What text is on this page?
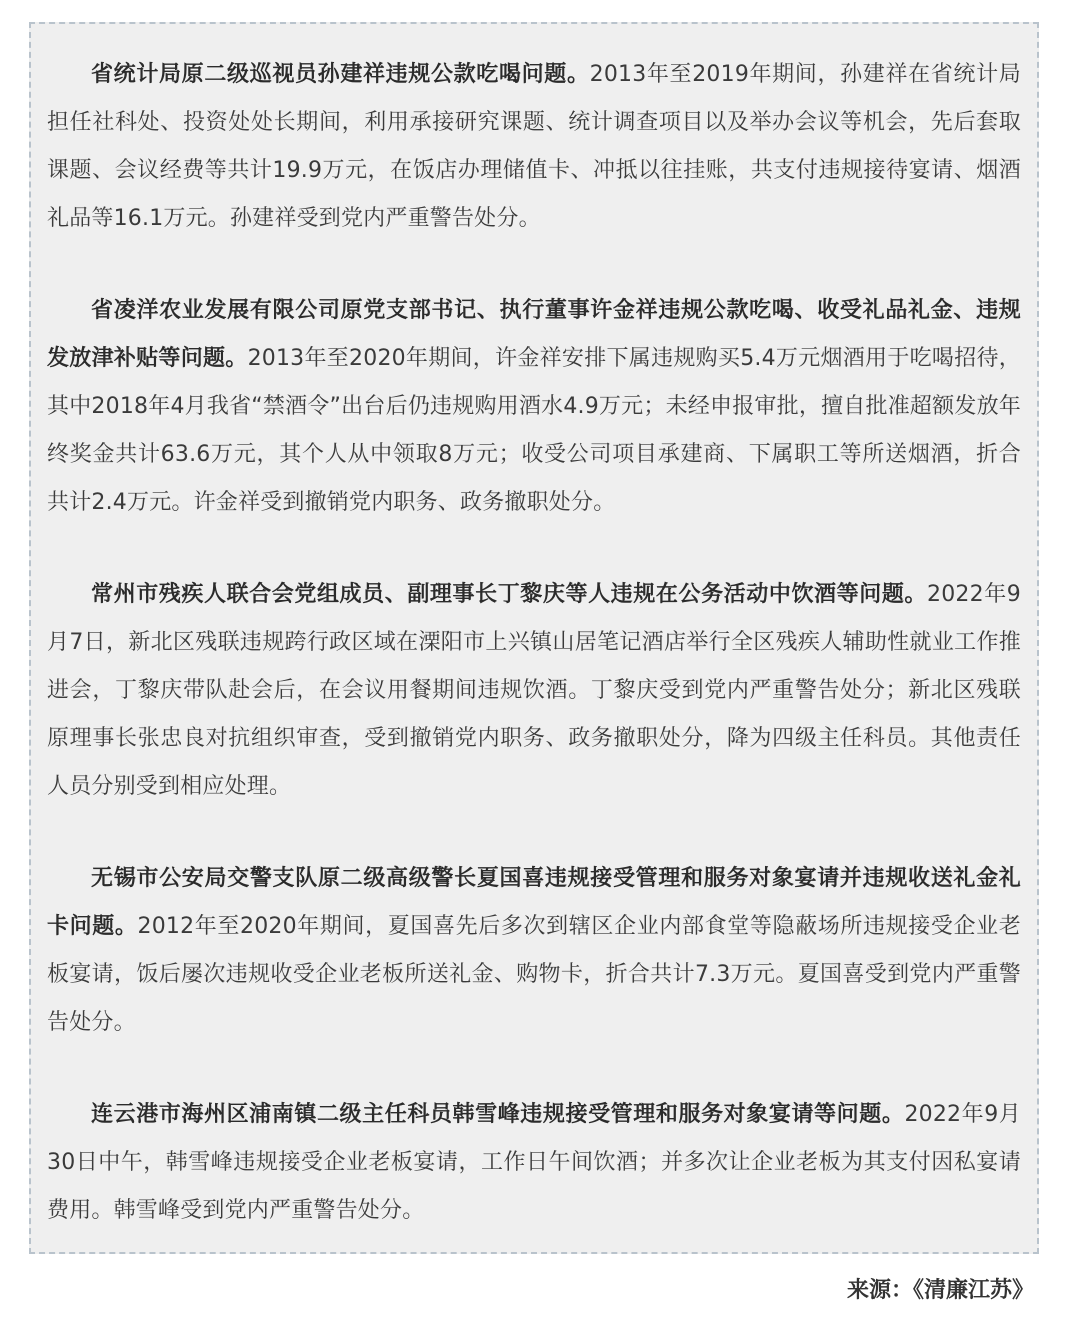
省统计局原二级巡视员孙建祥违规公款吃喝问题。2013年至2019年期间，孙建祥在省统计局担任社科处、投资处处长期间，利用承接研究课题、统计调查项目以及举办会议等机会，先后套取课题、会议经费等共计19.9万元，在饭店办理储值卡、冲抵以往挂账，共支付违规接待宴请、烟酒礼品等16.1万元。孙建祥受到党内严重警告处分。

省凌洋农业发展有限公司原党支部书记、执行董事许金祥违规公款吃喝、收受礼品礼金、违规发放津补贴等问题。2013年至2020年期间，许金祥安排下属违规购买5.4万元烟酒用于吃喝招待，其中2018年4月我省“禁酒令”出台后仍违规购用酒水4.9万元；未经申报审批，擅自批准超额发放年终奖金共计63.6万元，其个人从中领取8万元；收受公司项目承建商、下属职工等所送烟酒，折合共计2.4万元。许金祥受到撤销党内职务、政务撤职处分。

常州市残疾人联合会党组成员、副理事长丁黎庆等人违规在公务活动中饮酒等问题。2022年9月7日，新北区残联违规跨行政区域在溧阳市上兴镇山居笔记酒店举行全区残疾人辅助性就业工作推进会，丁黎庆带队赴会后，在会议用餐期间违规饮酒。丁黎庆受到党内严重警告处分；新北区残联原理事长张忠良对抗组织审查，受到撤销党内职务、政务撤职处分，降为四级主任科员。其他责任人员分别受到相应处理。

无锡市公安局交警支队原二级高级警长夏国喜违规接受管理和服务对象宴请并违规收送礼金礼卡问题。2012年至2020年期间，夏国喜先后多次到辖区企业内部食堂等隐蔽场所违规接受企业老板宴请，饭后屡次违规收受企业老板所送礼金、购物卡，折合共计7.3万元。夏国喜受到党内严重警告处分。

连云港市海州区浦南镇二级主任科员韩雪峰违规接受管理和服务对象宴请等问题。2022年9月30日中午，韩雪峰违规接受企业老板宴请，工作日午间饮酒；并多次让企业老板为其支付因私宴请费用。韩雪峰受到党内严重警告处分。

来源：《清廉江苏》
